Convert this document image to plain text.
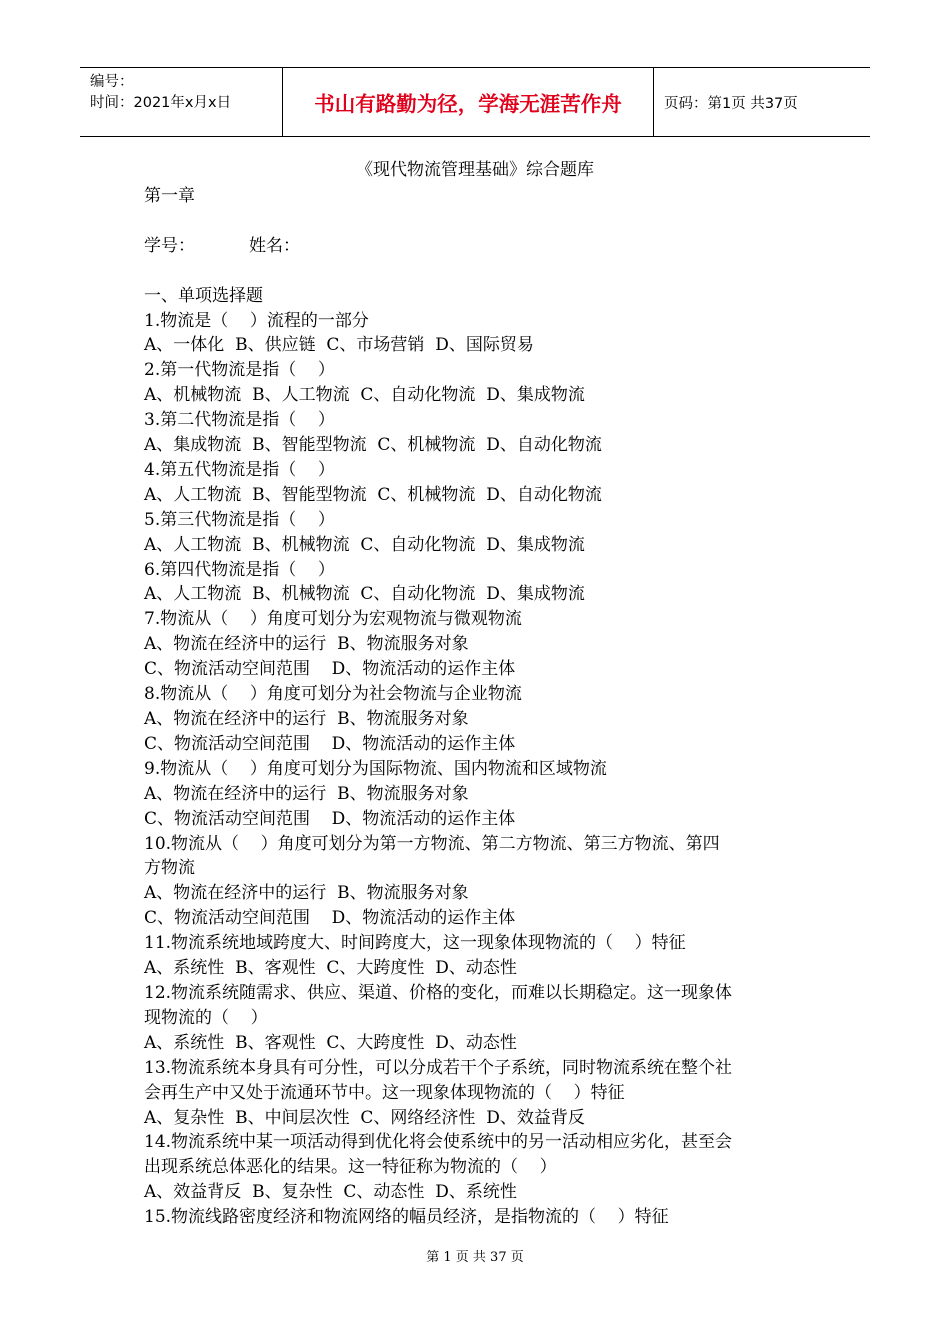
编号：
时间：2021年x月x日	书山有路勤为径，学海无涯苦作舟	页码：第1页 共37页
《现代物流管理基础》综合题库
第一章
学号：          姓名：
一、单项选择题
1.物流是（    ）流程的一部分
A、一体化  B、供应链  C、市场营销  D、国际贸易
2.第一代物流是指（    ）
A、机械物流  B、人工物流  C、自动化物流  D、集成物流
3.第二代物流是指（    ）
A、集成物流  B、智能型物流  C、机械物流  D、自动化物流
4.第五代物流是指（    ）
A、人工物流  B、智能型物流  C、机械物流  D、自动化物流
5.第三代物流是指（    ）
A、人工物流  B、机械物流  C、自动化物流  D、集成物流
6.第四代物流是指（    ）
A、人工物流  B、机械物流  C、自动化物流  D、集成物流
7.物流从（    ）角度可划分为宏观物流与微观物流
A、物流在经济中的运行  B、物流服务对象
C、物流活动空间范围    D、物流活动的运作主体
8.物流从（    ）角度可划分为社会物流与企业物流
A、物流在经济中的运行  B、物流服务对象
C、物流活动空间范围    D、物流活动的运作主体
9.物流从（    ）角度可划分为国际物流、国内物流和区域物流
A、物流在经济中的运行  B、物流服务对象
C、物流活动空间范围    D、物流活动的运作主体
10.物流从（    ）角度可划分为第一方物流、第二方物流、第三方物流、第四
方物流
A、物流在经济中的运行  B、物流服务对象
C、物流活动空间范围    D、物流活动的运作主体
11.物流系统地域跨度大、时间跨度大，这一现象体现物流的（    ）特征
A、系统性  B、客观性  C、大跨度性  D、动态性
12.物流系统随需求、供应、渠道、价格的变化，而难以长期稳定。这一现象体
现物流的（    ）
A、系统性  B、客观性  C、大跨度性  D、动态性
13.物流系统本身具有可分性，可以分成若干个子系统，同时物流系统在整个社
会再生产中又处于流通环节中。这一现象体现物流的（    ）特征
A、复杂性  B、中间层次性  C、网络经济性  D、效益背反
14.物流系统中某一项活动得到优化将会使系统中的另一活动相应劣化，甚至会
出现系统总体恶化的结果。这一特征称为物流的（    ）
A、效益背反  B、复杂性  C、动态性  D、系统性
15.物流线路密度经济和物流网络的幅员经济，是指物流的（    ）特征
第 1 页 共 37 页
